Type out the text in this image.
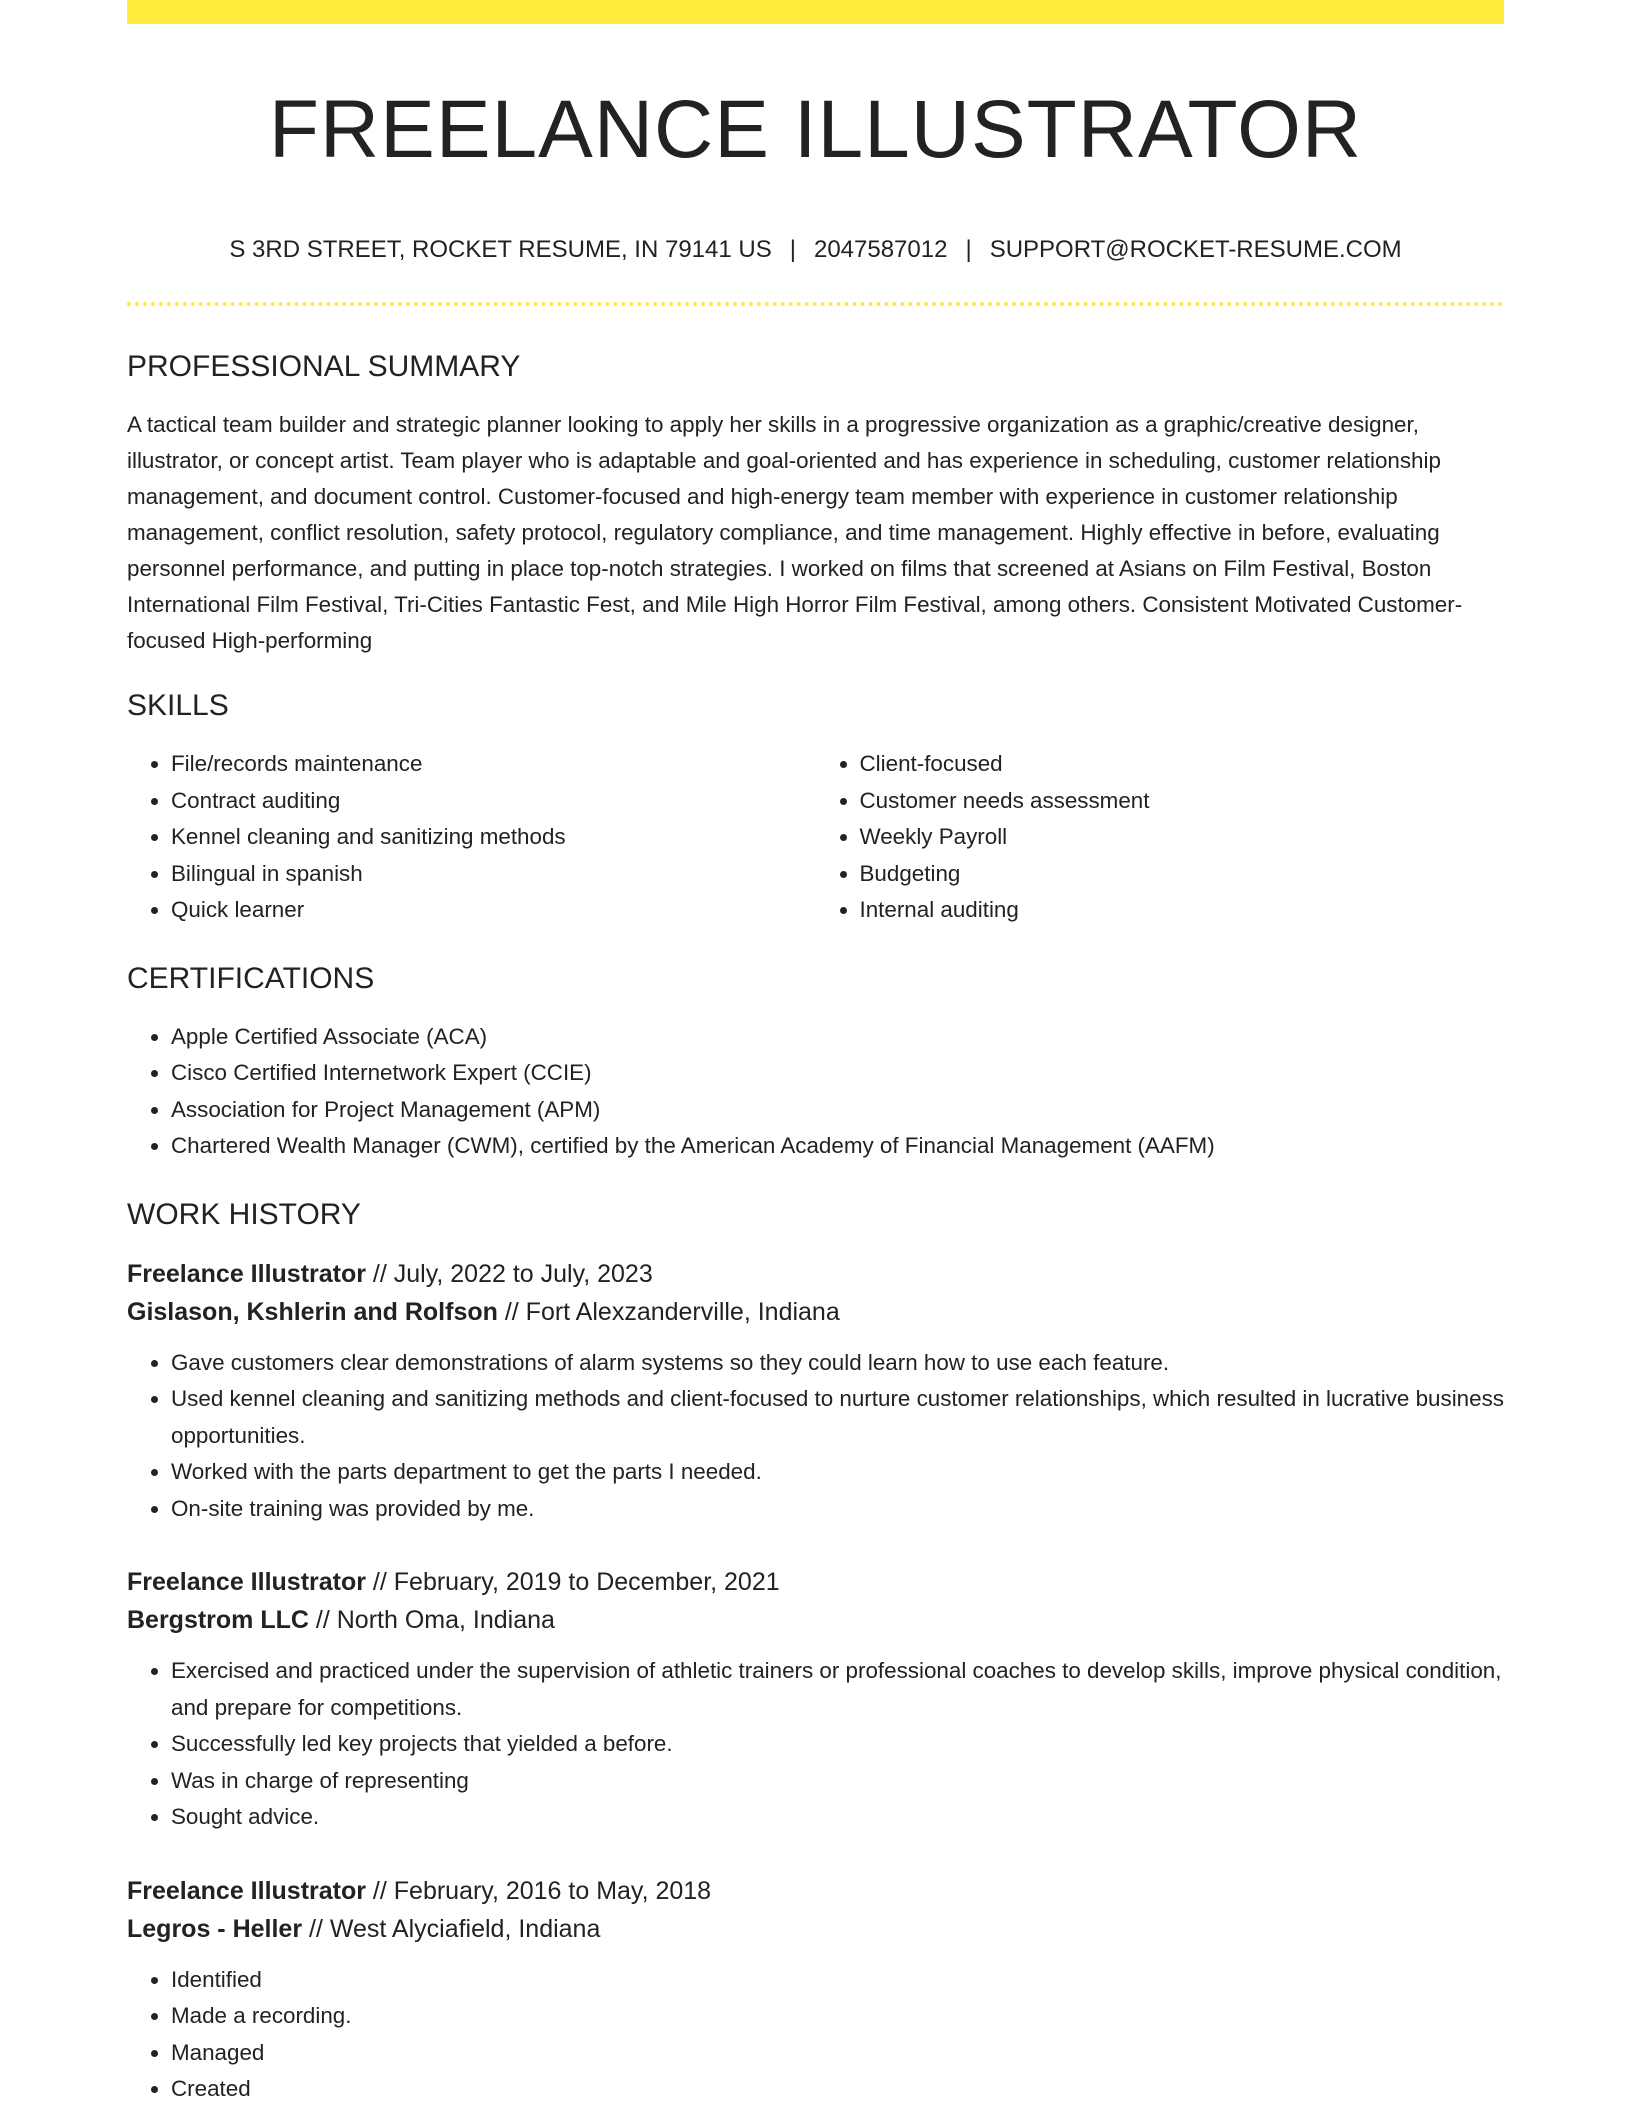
FREELANCE ILLUSTRATOR
S 3RD STREET, ROCKET RESUME, IN 79141 US | 2047587012 | SUPPORT@ROCKET-RESUME.COM
PROFESSIONAL SUMMARY
A tactical team builder and strategic planner looking to apply her skills in a progressive organization as a graphic/creative designer, illustrator, or concept artist. Team player who is adaptable and goal-oriented and has experience in scheduling, customer relationship management, and document control. Customer-focused and high-energy team member with experience in customer relationship management, conflict resolution, safety protocol, regulatory compliance, and time management. Highly effective in before, evaluating personnel performance, and putting in place top-notch strategies. I worked on films that screened at Asians on Film Festival, Boston International Film Festival, Tri-Cities Fantastic Fest, and Mile High Horror Film Festival, among others. Consistent Motivated Customer-focused High-performing
SKILLS
• File/records maintenance
• Contract auditing
• Kennel cleaning and sanitizing methods
• Bilingual in spanish
• Quick learner
• Client-focused
• Customer needs assessment
• Weekly Payroll
• Budgeting
• Internal auditing
CERTIFICATIONS
• Apple Certified Associate (ACA)
• Cisco Certified Internetwork Expert (CCIE)
• Association for Project Management (APM)
• Chartered Wealth Manager (CWM), certified by the American Academy of Financial Management (AAFM)
WORK HISTORY
Freelance Illustrator // July, 2022 to July, 2023
Gislason, Kshlerin and Rolfson // Fort Alexzanderville, Indiana
• Gave customers clear demonstrations of alarm systems so they could learn how to use each feature.
• Used kennel cleaning and sanitizing methods and client-focused to nurture customer relationships, which resulted in lucrative business opportunities.
• Worked with the parts department to get the parts I needed.
• On-site training was provided by me.
Freelance Illustrator // February, 2019 to December, 2021
Bergstrom LLC // North Oma, Indiana
• Exercised and practiced under the supervision of athletic trainers or professional coaches to develop skills, improve physical condition, and prepare for competitions.
• Successfully led key projects that yielded a before.
• Was in charge of representing
• Sought advice.
Freelance Illustrator // February, 2016 to May, 2018
Legros - Heller // West Alyciafield, Indiana
• Identified
• Made a recording.
• Managed
• Created
